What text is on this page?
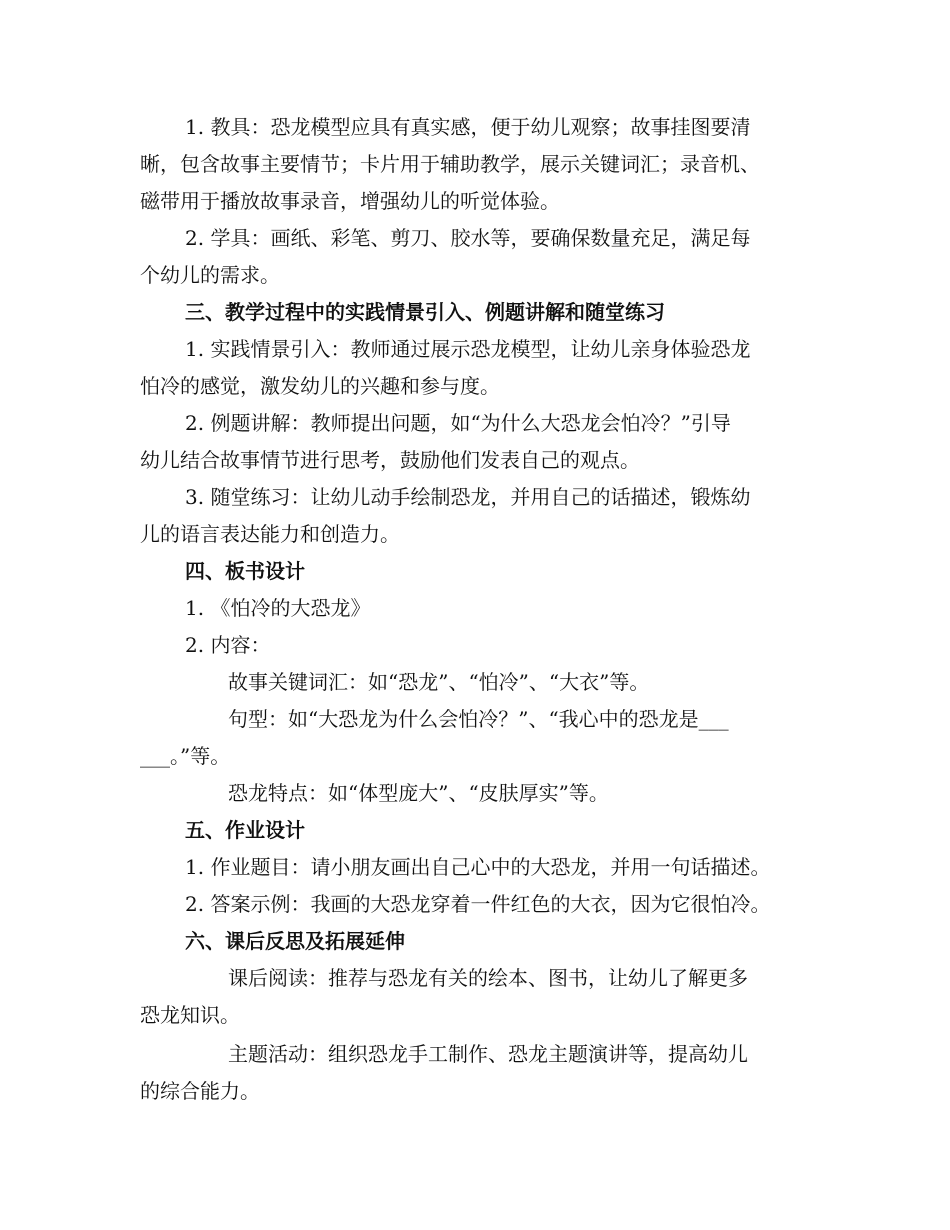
1. 教具：恐龙模型应具有真实感，便于幼儿观察；故事挂图要清
晰，包含故事主要情节；卡片用于辅助教学，展示关键词汇；录音机、
磁带用于播放故事录音，增强幼儿的听觉体验。
2. 学具：画纸、彩笔、剪刀、胶水等，要确保数量充足，满足每
个幼儿的需求。
三、教学过程中的实践情景引入、例题讲解和随堂练习
1. 实践情景引入：教师通过展示恐龙模型，让幼儿亲身体验恐龙
怕冷的感觉，激发幼儿的兴趣和参与度。
2. 例题讲解：教师提出问题，如“为什么大恐龙会怕冷？”引导
幼儿结合故事情节进行思考，鼓励他们发表自己的观点。
3. 随堂练习：让幼儿动手绘制恐龙，并用自己的话描述，锻炼幼
儿的语言表达能力和创造力。
四、板书设计
1. 《怕冷的大恐龙》
2. 内容：
故事关键词汇：如“恐龙”、“怕冷”、“大衣”等。
句型：如“大恐龙为什么会怕冷？”、“我心中的恐龙是___
___。”等。
恐龙特点：如“体型庞大”、“皮肤厚实”等。
五、作业设计
1. 作业题目：请小朋友画出自己心中的大恐龙，并用一句话描述。
2. 答案示例：我画的大恐龙穿着一件红色的大衣，因为它很怕冷。
六、课后反思及拓展延伸
课后阅读：推荐与恐龙有关的绘本、图书，让幼儿了解更多
恐龙知识。
主题活动：组织恐龙手工制作、恐龙主题演讲等，提高幼儿
的综合能力。
